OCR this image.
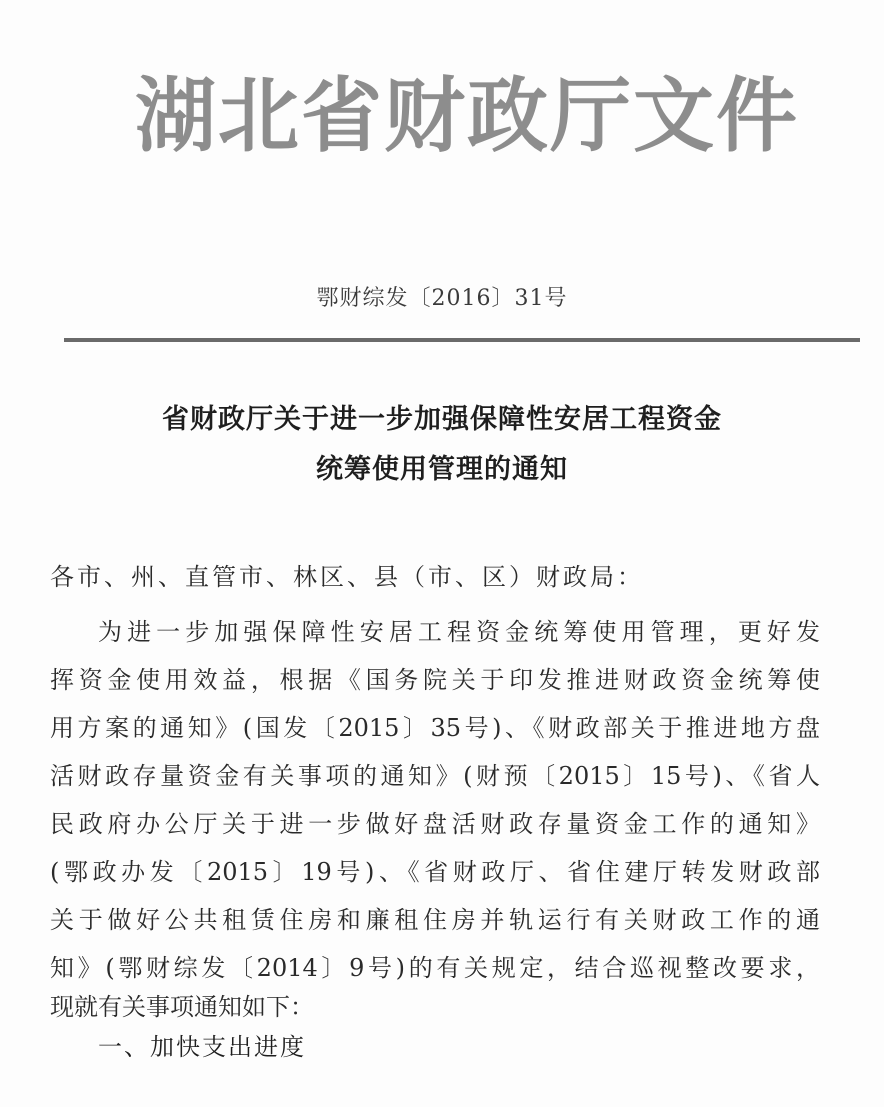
湖北省财政厅文件
鄂财综发〔2016〕31号
省财政厅关于进一步加强保障性安居工程资金
统筹使用管理的通知
各市、州、直管市、林区、县（市、区）财政局：
为进一步加强保障性安居工程资金统筹使用管理，更好发
挥资金使用效益，根据《国务院关于印发推进财政资金统筹使
用方案的通知》(国发〔2015〕35号)、《财政部关于推进地方盘
活财政存量资金有关事项的通知》(财预〔2015〕15号)、《省人
民政府办公厅关于进一步做好盘活财政存量资金工作的通知》
(鄂政办发〔2015〕19号)、《省财政厅、省住建厅转发财政部
关于做好公共租赁住房和廉租住房并轨运行有关财政工作的通
知》(鄂财综发〔2014〕9号)的有关规定，结合巡视整改要求，
现就有关事项通知如下：
一、加快支出进度
